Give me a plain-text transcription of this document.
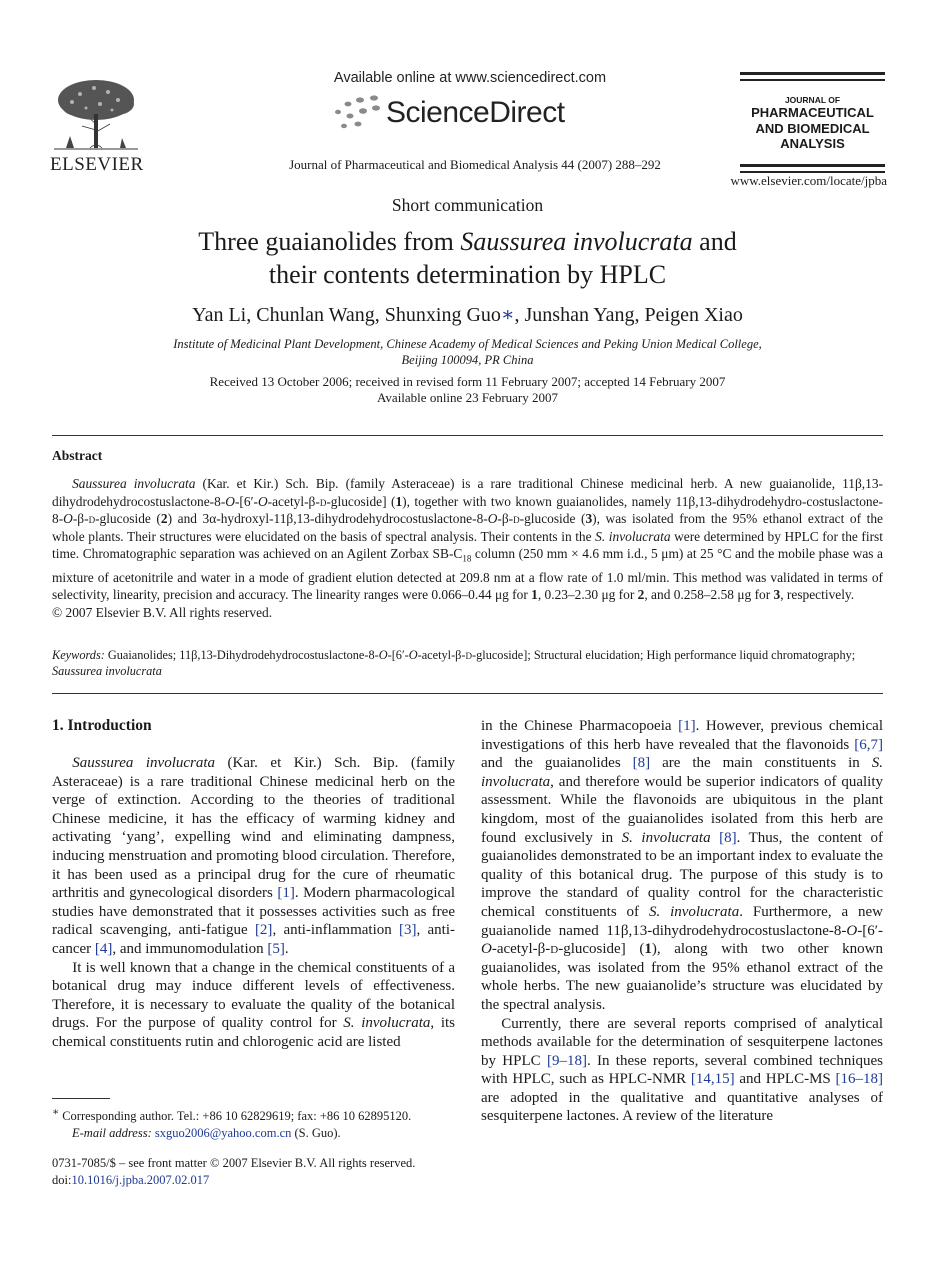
ELSEVIER
Available online at www.sciencedirect.com
ScienceDirect
Journal of Pharmaceutical and Biomedical Analysis 44 (2007) 288–292
JOURNAL OF
PHARMACEUTICAL
AND BIOMEDICAL
ANALYSIS
www.elsevier.com/locate/jpba
Short communication
Three guaianolides from Saussurea involucrata and
their contents determination by HPLC
Yan Li, Chunlan Wang, Shunxing Guo∗, Junshan Yang, Peigen Xiao
Institute of Medicinal Plant Development, Chinese Academy of Medical Sciences and Peking Union Medical College,
Beijing 100094, PR China
Received 13 October 2006; received in revised form 11 February 2007; accepted 14 February 2007
Available online 23 February 2007
Abstract

Saussurea involucrata (Kar. et Kir.) Sch. Bip. (family Asteraceae) is a rare traditional Chinese medicinal herb. A new guaianolide, 11β,13-dihydrodehydrocostuslactone-8-O-[6′-O-acetyl-β-d-glucoside] (1), together with two known guaianolides, namely 11β,13-dihydrodehydro-costuslactone-8-O-β-d-glucoside (2) and 3α-hydroxyl-11β,13-dihydrodehydrocostuslactone-8-O-β-d-glucoside (3), was isolated from the 95% ethanol extract of the whole plants. Their structures were elucidated on the basis of spectral analysis. Their contents in the S. involucrata were determined by HPLC for the first time. Chromatographic separation was achieved on an Agilent Zorbax $SB-C_{18}$ column (250 mm × 4.6 mm i.d., 5 μm) at 25 °C and the mobile phase was a mixture of acetonitrile and water in a mode of gradient elution detected at 209.8 nm at a flow rate of 1.0 ml/min. This method was validated in terms of selectivity, linearity, precision and accuracy. The linearity ranges were 0.066–0.44 μg for 1, 0.23–2.30 μg for 2, and 0.258–2.58 μg for 3, respectively.

© 2007 Elsevier B.V. All rights reserved.

Keywords: Guaianolides; 11β,13-Dihydrodehydrocostuslactone-8-O-[6′-O-acetyl-β-d-glucoside]; Structural elucidation; High performance liquid chromatography; Saussurea involucrata
1. Introduction

Saussurea involucrata (Kar. et Kir.) Sch. Bip. (family Asteraceae) is a rare traditional Chinese medicinal herb on the verge of extinction. According to the theories of traditional Chinese medicine, it has the efficacy of warming kidney and activating ‘yang’, expelling wind and eliminating dampness, inducing menstruation and promoting blood circulation. Therefore, it has been used as a principal drug for the cure of rheumatic arthritis and gynecological disorders [1]. Modern pharmacological studies have demonstrated that it possesses activities such as free radical scavenging, anti-fatigue [2], anti-inflammation [3], anti-cancer [4], and immunomodulation [5].

It is well known that a change in the chemical constituents of a botanical drug may induce different levels of effectiveness. Therefore, it is necessary to evaluate the quality of the botanical drugs. For the purpose of quality control for S. involucrata, its chemical constituents rutin and chlorogenic acid are listed

in the Chinese Pharmacopoeia [1]. However, previous chemical investigations of this herb have revealed that the flavonoids [6,7] and the guaianolides [8] are the main constituents in S. involucrata, and therefore would be superior indicators of quality assessment. While the flavonoids are ubiquitous in the plant kingdom, most of the guaianolides isolated from this herb are found exclusively in S. involucrata [8]. Thus, the content of guaianolides demonstrated to be an important index to evaluate the quality of this botanical drug. The purpose of this study is to improve the standard of quality control for the characteristic chemical constituents of S. involucrata. Furthermore, a new guaianolide named 11β,13-dihydrodehydrocostuslactone-8-O-[6′-O-acetyl-β-d-glucoside] (1), along with two other known guaianolides, was isolated from the 95% ethanol extract of the whole herbs. The new guaianolide’s structure was elucidated by the spectral analysis.

Currently, there are several reports comprised of analytical methods available for the determination of sesquiterpene lactones by HPLC [9–18]. In these reports, several combined techniques with HPLC, such as HPLC-NMR [14,15] and HPLC-MS [16–18] are adopted in the qualitative and quantitative analyses of sesquiterpene lactones. A review of the literature

∗ Corresponding author. Tel.: +86 10 62829619; fax: +86 10 62895120.
E-mail address: sxguo2006@yahoo.com.cn (S. Guo).
0731-7085/$ – see front matter © 2007 Elsevier B.V. All rights reserved.
doi:10.1016/j.jpba.2007.02.017
